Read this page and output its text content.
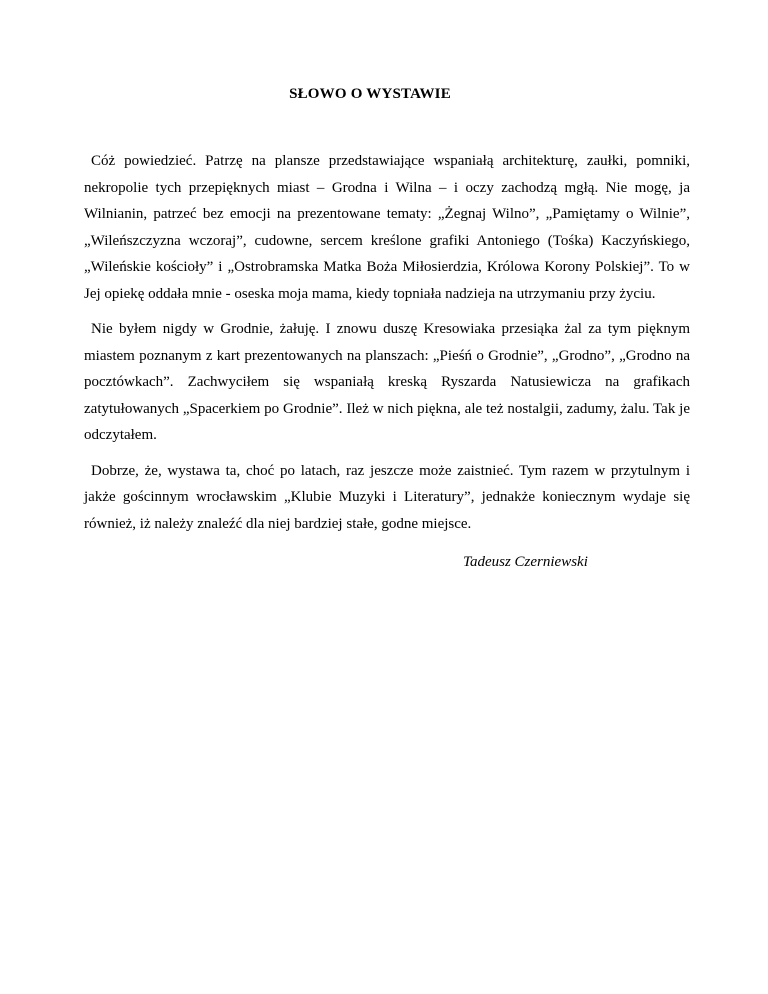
SŁOWO O WYSTAWIE

Cóż powiedzieć. Patrzę na plansze przedstawiające wspaniałą architekturę, zaułki, pomniki, nekropolie tych przepięknych miast – Grodna i Wilna – i oczy zachodzą mgłą. Nie mogę, ja Wilnianin, patrzeć bez emocji na prezentowane tematy: „Żegnaj Wilno”, „Pamiętamy o Wilnie”, „Wileńszczyzna wczoraj”, cudowne, sercem kreślone grafiki Antoniego (Tośka) Kaczyńskiego, „Wileńskie kościoły” i „Ostrobramska Matka Boża Miłosierdzia, Królowa Korony Polskiej”. To w Jej opiekę oddała mnie - oseska moja mama, kiedy topniała nadzieja na utrzymaniu przy życiu.

Nie byłem nigdy w Grodnie, żałuję. I znowu duszę Kresowiaka przesiąka żal za tym pięknym miastem poznanym z kart prezentowanych na planszach: „Pieśń o Grodnie”, „Grodno”, „Grodno na pocztówkach”. Zachwyciłem się wspaniałą kreską Ryszarda Natusiewicza na grafikach zatytułowanych „Spacerkiem po Grodnie”. Ileż w nich piękna, ale też nostalgii, zadumy, żalu. Tak je odczytałem.

Dobrze, że, wystawa ta, choć po latach, raz jeszcze może zaistnieć. Tym razem w przytulnym i jakże gościnnym wrocławskim „Klubie Muzyki i Literatury”, jednakże koniecznym wydaje się również, iż należy znaleźć dla niej bardziej stałe, godne miejsce.

Tadeusz Czerniewski
